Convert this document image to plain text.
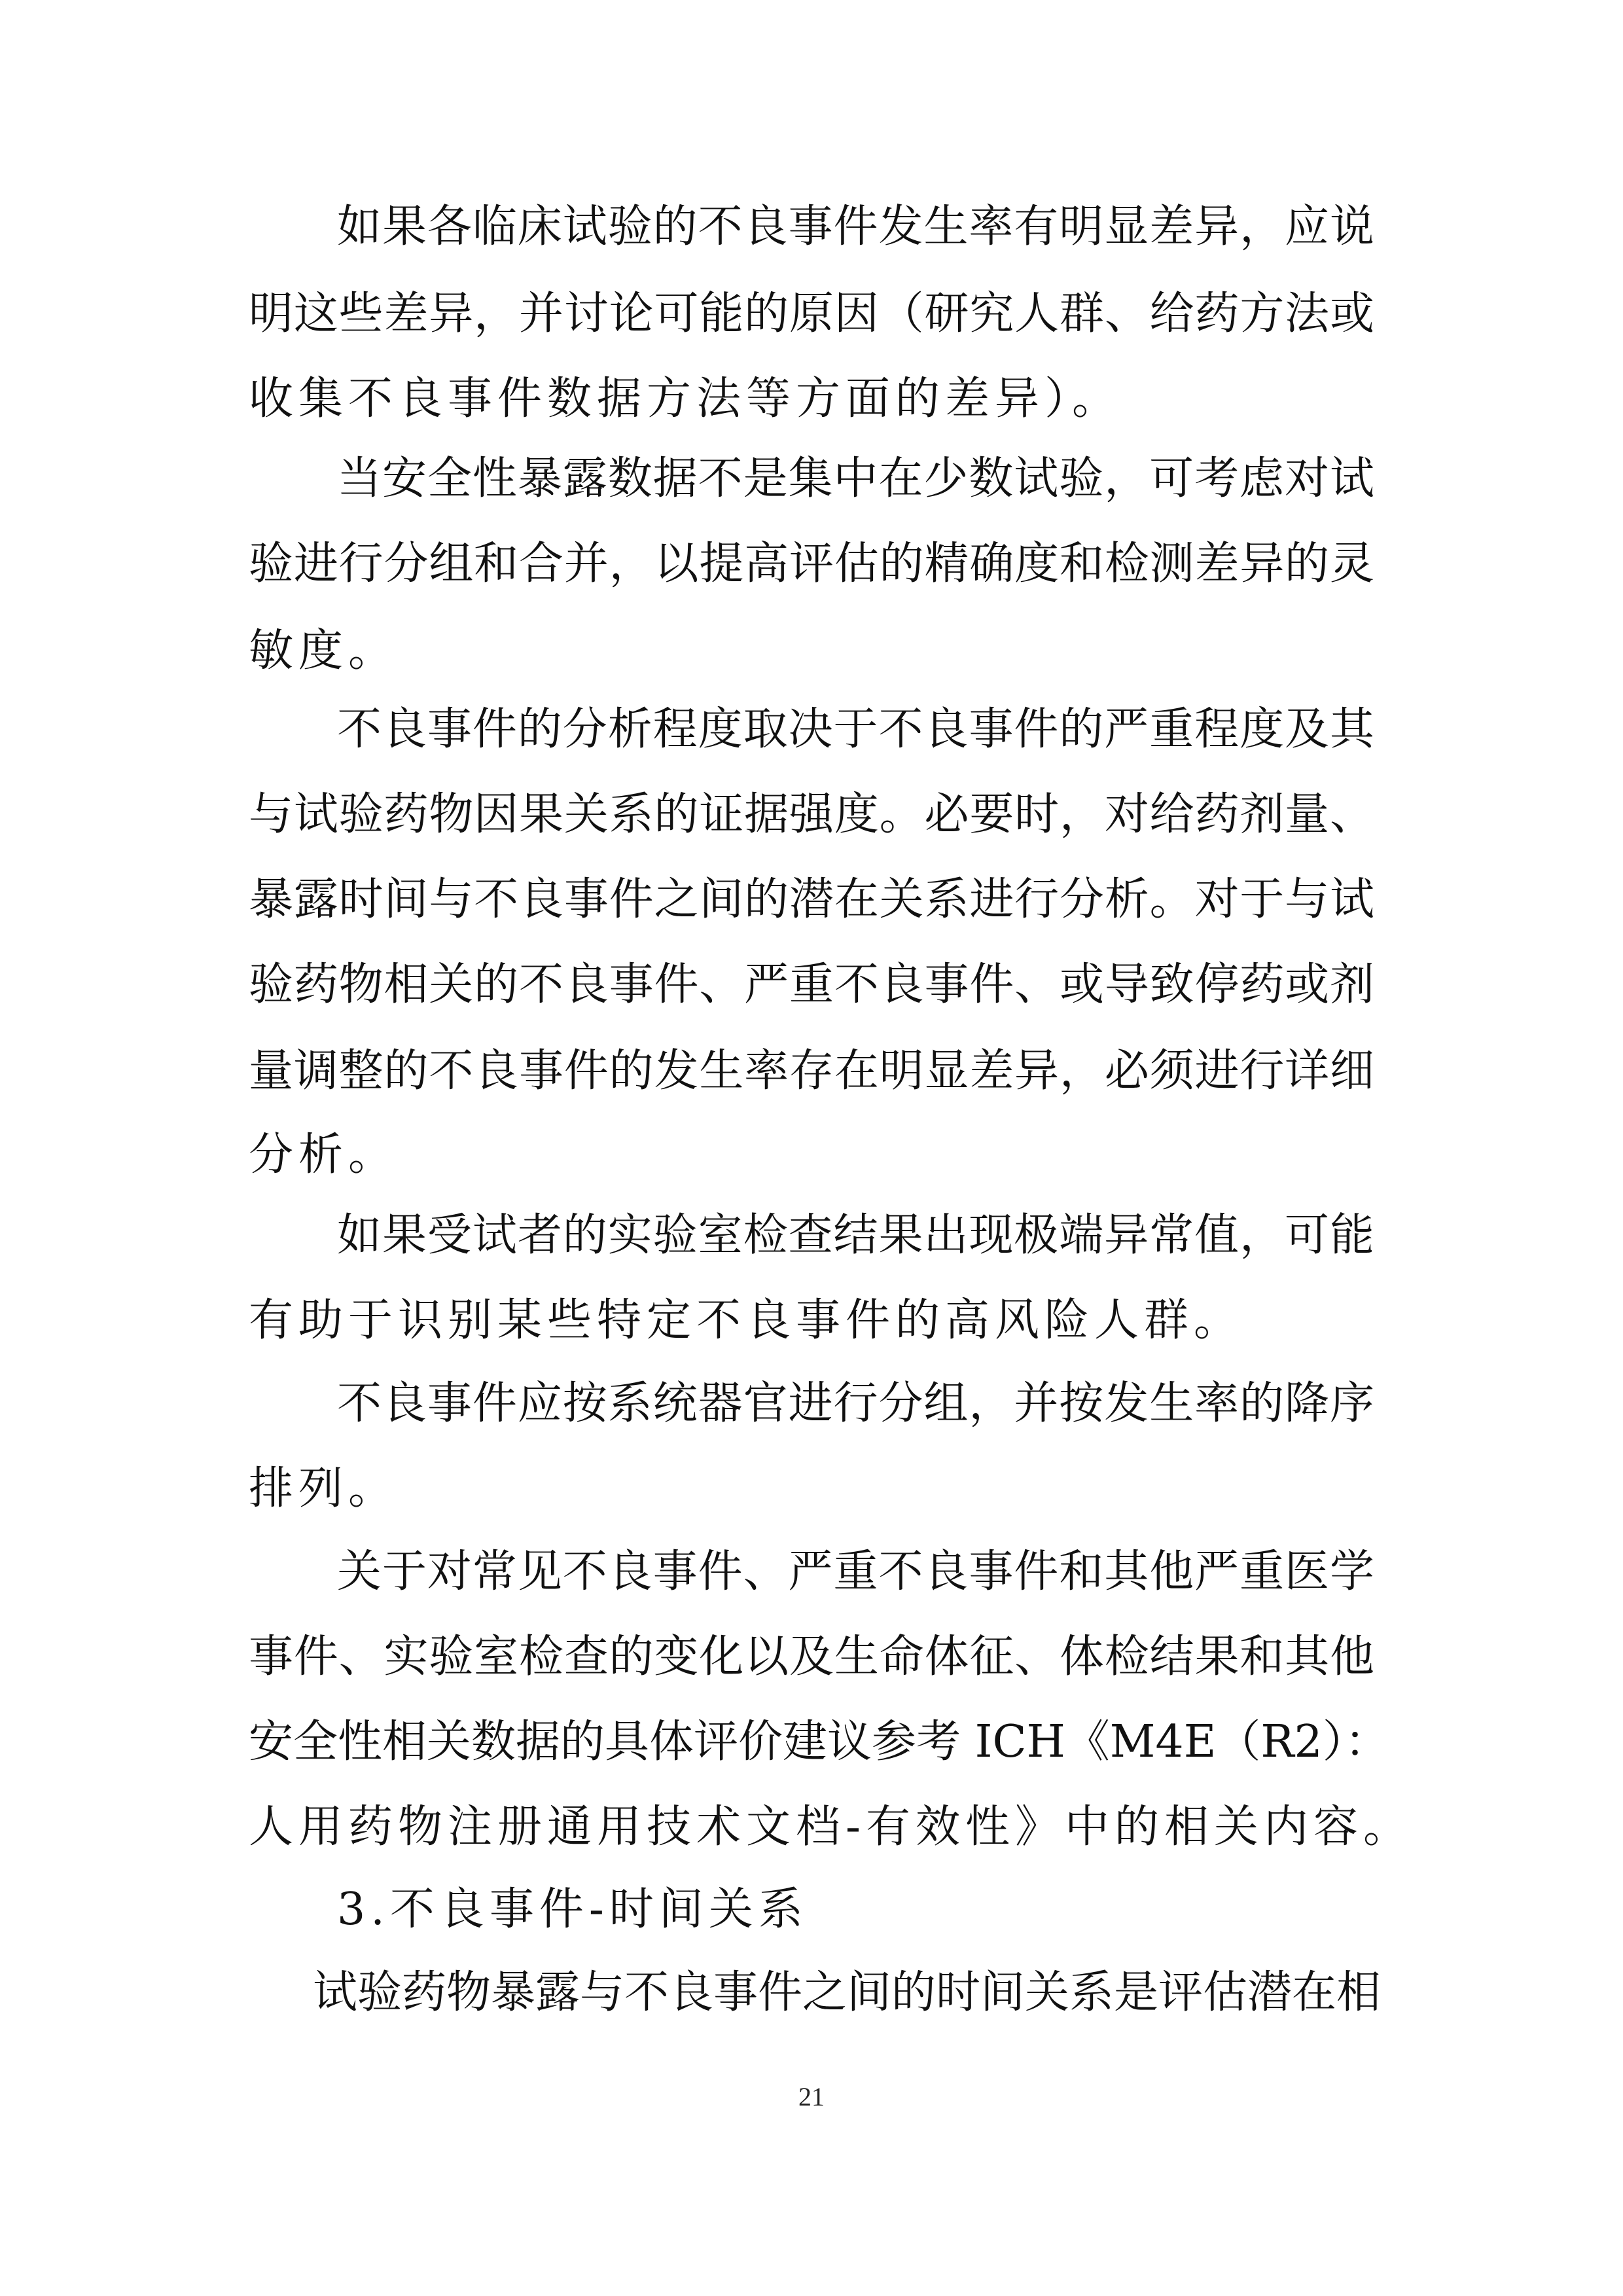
如果各临床试验的不良事件发生率有明显差异，应说
明这些差异，并讨论可能的原因（研究人群、给药方法或
收集不良事件数据方法等方面的差异）。
当安全性暴露数据不是集中在少数试验，可考虑对试
验进行分组和合并，以提高评估的精确度和检测差异的灵
敏度。
不良事件的分析程度取决于不良事件的严重程度及其
与试验药物因果关系的证据强度。必要时，对给药剂量、
暴露时间与不良事件之间的潜在关系进行分析。对于与试
验药物相关的不良事件、严重不良事件、或导致停药或剂
量调整的不良事件的发生率存在明显差异，必须进行详细
分析。
如果受试者的实验室检查结果出现极端异常值，可能
有助于识别某些特定不良事件的高风险人群。
不良事件应按系统器官进行分组，并按发生率的降序
排列。
关于对常见不良事件、严重不良事件和其他严重医学
事件、实验室检查的变化以及生命体征、体检结果和其他
安全性相关数据的具体评价建议参考 ICH《M4E（R2）：
人用药物注册通用技术文档-有效性》中的相关内容。
3.不良事件-时间关系
试验药物暴露与不良事件之间的时间关系是评估潜在相
21
